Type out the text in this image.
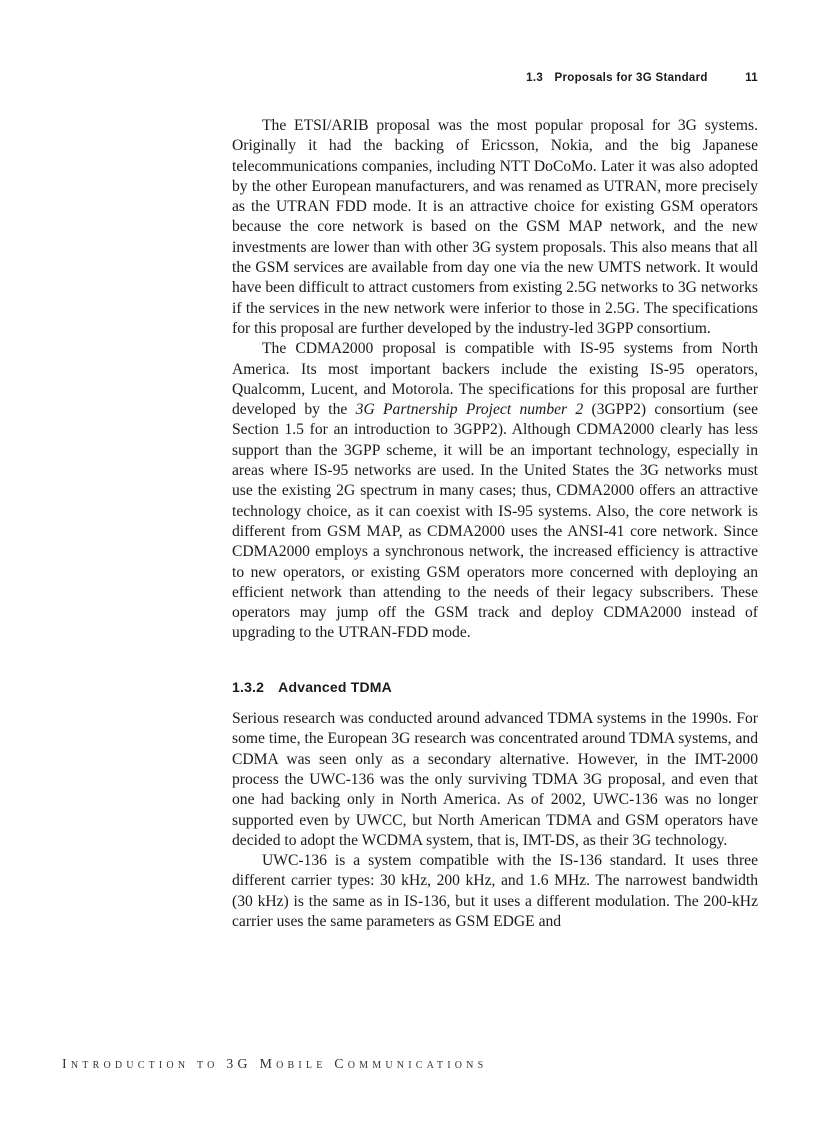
1.3 Proposals for 3G Standard	11

The ETSI/ARIB proposal was the most popular proposal for 3G systems. Originally it had the backing of Ericsson, Nokia, and the big Japanese telecommunications companies, including NTT DoCoMo. Later it was also adopted by the other European manufacturers, and was renamed as UTRAN, more precisely as the UTRAN FDD mode. It is an attractive choice for existing GSM operators because the core network is based on the GSM MAP network, and the new investments are lower than with other 3G system proposals. This also means that all the GSM services are available from day one via the new UMTS network. It would have been difficult to attract customers from existing 2.5G networks to 3G networks if the services in the new network were inferior to those in 2.5G. The specifications for this proposal are further developed by the industry-led 3GPP consortium.

The CDMA2000 proposal is compatible with IS-95 systems from North America. Its most important backers include the existing IS-95 operators, Qualcomm, Lucent, and Motorola. The specifications for this proposal are further developed by the 3G Partnership Project number 2 (3GPP2) consortium (see Section 1.5 for an introduction to 3GPP2). Although CDMA2000 clearly has less support than the 3GPP scheme, it will be an important technology, especially in areas where IS-95 networks are used. In the United States the 3G networks must use the existing 2G spectrum in many cases; thus, CDMA2000 offers an attractive technology choice, as it can coexist with IS-95 systems. Also, the core network is different from GSM MAP, as CDMA2000 uses the ANSI-41 core network. Since CDMA2000 employs a synchronous network, the increased efficiency is attractive to new operators, or existing GSM operators more concerned with deploying an efficient network than attending to the needs of their legacy subscribers. These operators may jump off the GSM track and deploy CDMA2000 instead of upgrading to the UTRAN-FDD mode.

1.3.2 Advanced TDMA

Serious research was conducted around advanced TDMA systems in the 1990s. For some time, the European 3G research was concentrated around TDMA systems, and CDMA was seen only as a secondary alternative. However, in the IMT-2000 process the UWC-136 was the only surviving TDMA 3G proposal, and even that one had backing only in North America. As of 2002, UWC-136 was no longer supported even by UWCC, but North American TDMA and GSM operators have decided to adopt the WCDMA system, that is, IMT-DS, as their 3G technology.

UWC-136 is a system compatible with the IS-136 standard. It uses three different carrier types: 30 kHz, 200 kHz, and 1.6 MHz. The narrowest bandwidth (30 kHz) is the same as in IS-136, but it uses a different modulation. The 200-kHz carrier uses the same parameters as GSM EDGE and

Introduction to 3G Mobile Communications
